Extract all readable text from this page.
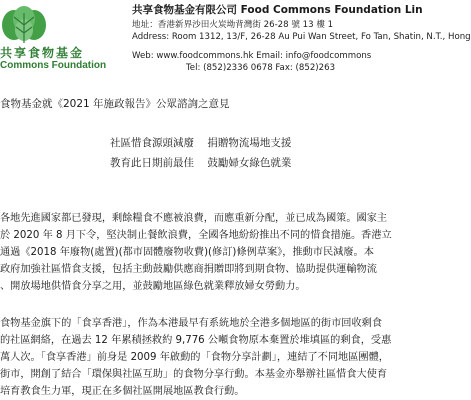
共享食物基金
Commons Foundation
共享食物基金有限公司 Food Commons Foundation Lin
地址：香港新界沙田火炭坳背灣街 26-28 號 13 樓 1
Address: Room 1312, 13/F, 26-28 Au Pui Wan Street, Fo Tan, Shatin, N.T., Hong
Web: www.foodcommons.hk Email: info@foodcommons
Tel: (852)2336 0678 Fax: (852)263
食物基金就《2021 年施政報告》公眾諮詢之意見
社區惜食源頭減廢    捐贈物流場地支援
教育此日期前最佳    鼓勵婦女綠色就業

各地先進國家都已發現，剩餘糧食不應被浪費，而應重新分配，並已成為國策。國家主

於 2020 年 8 月下令，堅決制止餐飲浪費，全國各地紛紛推出不同的惜食措施。香港立

通過《2018 年廢物(處置)(都市固體廢物收費)(修訂)條例草案》，推動市民減廢。本

政府加強社區惜食支援，包括主動鼓勵供應商捐贈即將到期食物、協助提供運輸物流

、開放場地供惜食分享之用，並鼓勵地區綠色就業釋放婦女勞動力。

食物基金旗下的「食享香港」，作為本港最早有系統地於全港多個地區的街市回收剩食

的社區網絡，在過去 12 年累積拯救約 9,776 公噸食物原本棄置於堆填區的剩食，受惠

萬人次。「食享香港」前身是 2009 年啟動的「食物分享計劃」，連結了不同地區團體，

街市，開創了結合「環保與社區互助」的食物分享行動。本基金亦舉辦社區惜食大使育

培育教食生力軍，現正在多個社區開展地區教食行動。
